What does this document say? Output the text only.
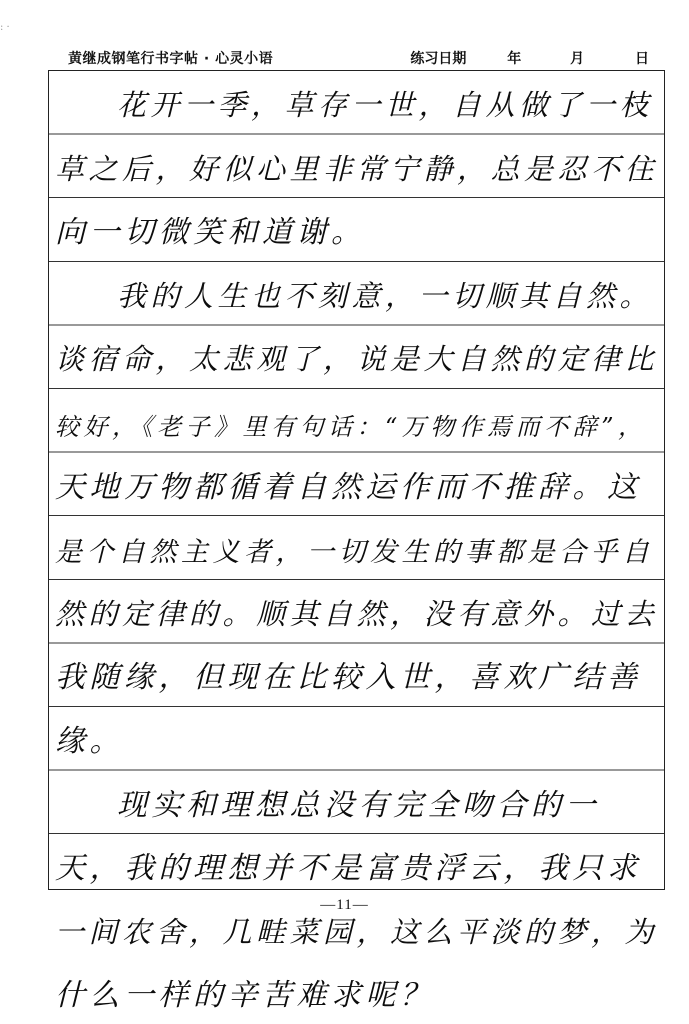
: ·
黄继成钢笔行书字帖 · 心灵小语	练习日期	年	月	日
花开一季，草存一世，自从做了一枝
草之后，好似心里非常宁静，总是忍不住
向一切微笑和道谢。
我的人生也不刻意，一切顺其自然。
谈宿命，太悲观了，说是大自然的定律比
较好，《老子》里有句话：“万物作焉而不辞”，
天地万物都循着自然运作而不推辞。这
是个自然主义者，一切发生的事都是合乎自
然的定律的。顺其自然，没有意外。过去
我随缘，但现在比较入世，喜欢广结善
缘。
现实和理想总没有完全吻合的一
天，我的理想并不是富贵浮云，我只求
一间农舍，几畦菜园，这么平淡的梦，为
什么一样的辛苦难求呢？
—11—
